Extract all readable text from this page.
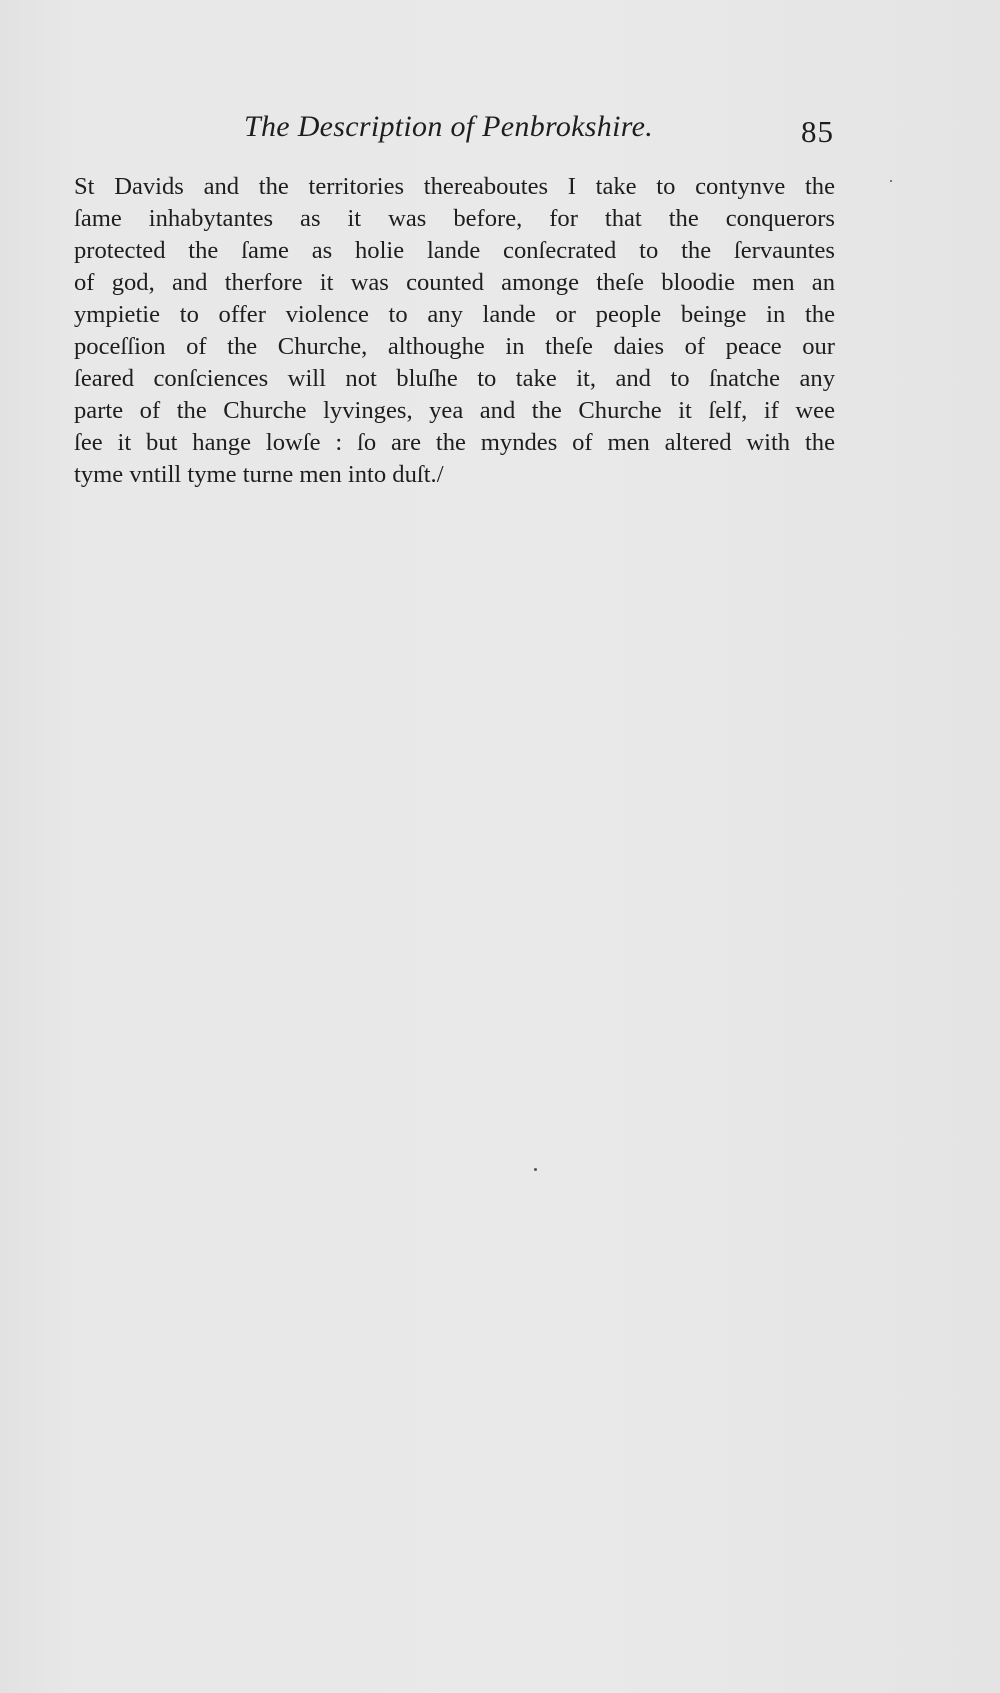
The Description of Penbrokshire.	85
St Davids and the territories thereaboutes I take to contynve the
ſame inhabytantes as it was before, for that the conquerors
protected the ſame as holie lande conſecrated to the ſervauntes
of god, and therfore it was counted amonge theſe bloodie men an
ympietie to offer violence to any lande or people beinge in the
poceſſion of the Churche, althoughe in theſe daies of peace our
ſeared conſciences will not bluſhe to take it, and to ſnatche any
parte of the Churche lyvinges, yea and the Churche it ſelf, if wee
ſee it but hange lowſe : ſo are the myndes of men altered with the
tyme vntill tyme turne men into duſt./
